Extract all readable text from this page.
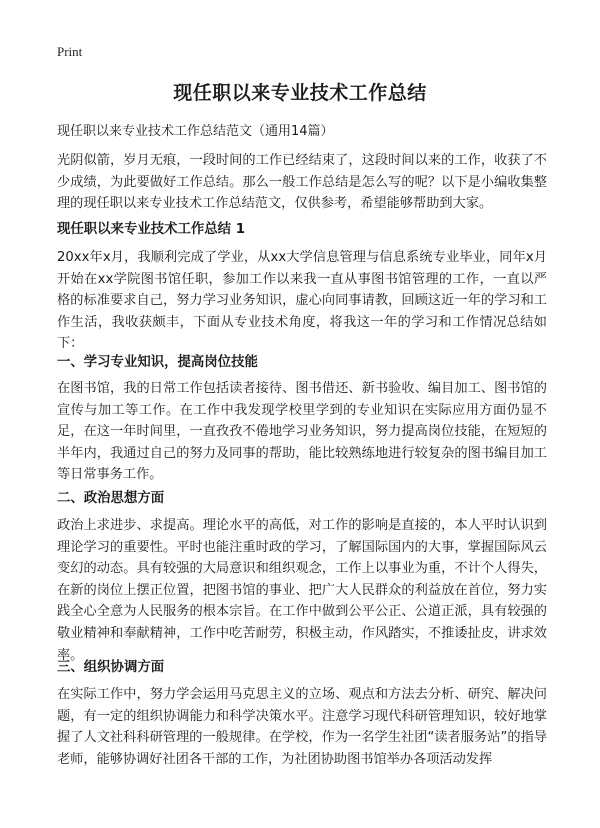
Print
现任职以来专业技术工作总结

现任职以来专业技术工作总结范文（通用14篇）

光阴似箭，岁月无痕，一段时间的工作已经结束了，这段时间以来的工作，收获了不少成绩，为此要做好工作总结。那么一般工作总结是怎么写的呢？以下是小编收集整理的现任职以来专业技术工作总结范文，仅供参考，希望能够帮助到大家。

现任职以来专业技术工作总结 1

20xx年x月，我顺利完成了学业，从xx大学信息管理与信息系统专业毕业，同年x月开始在xx学院图书馆任职，参加工作以来我一直从事图书馆管理的工作，一直以严格的标准要求自己，努力学习业务知识，虚心向同事请教，回顾这近一年的学习和工作生活，我收获颇丰，下面从专业技术角度，将我这一年的学习和工作情况总结如下：

一、学习专业知识，提高岗位技能

在图书馆，我的日常工作包括读者接待、图书借还、新书验收、编目加工、图书馆的宣传与加工等工作。在工作中我发现学校里学到的专业知识在实际应用方面仍显不足，在这一年时间里，一直孜孜不倦地学习业务知识，努力提高岗位技能，在短短的半年内，我通过自己的努力及同事的帮助，能比较熟练地进行较复杂的图书编目加工等日常事务工作。

二、政治思想方面

政治上求进步、求提高。理论水平的高低，对工作的影响是直接的，本人平时认识到理论学习的重要性。平时也能注重时政的学习，了解国际国内的大事，掌握国际风云变幻的动态。具有较强的大局意识和组织观念，工作上以事业为重，不计个人得失，在新的岗位上摆正位置，把图书馆的事业、把广大人民群众的利益放在首位，努力实践全心全意为人民服务的根本宗旨。在工作中做到公平公正、公道正派，具有较强的敬业精神和奉献精神，工作中吃苦耐劳，积极主动，作风踏实，不推诿扯皮，讲求效率。

三、组织协调方面

在实际工作中，努力学会运用马克思主义的立场、观点和方法去分析、研究、解决问题，有一定的组织协调能力和科学决策水平。注意学习现代科研管理知识，较好地掌握了人文社科科研管理的一般规律。在学校，作为一名学生社团“读者服务站”的指导老师，能够协调好社团各干部的工作，为社团协助图书馆举办各项活动发挥
